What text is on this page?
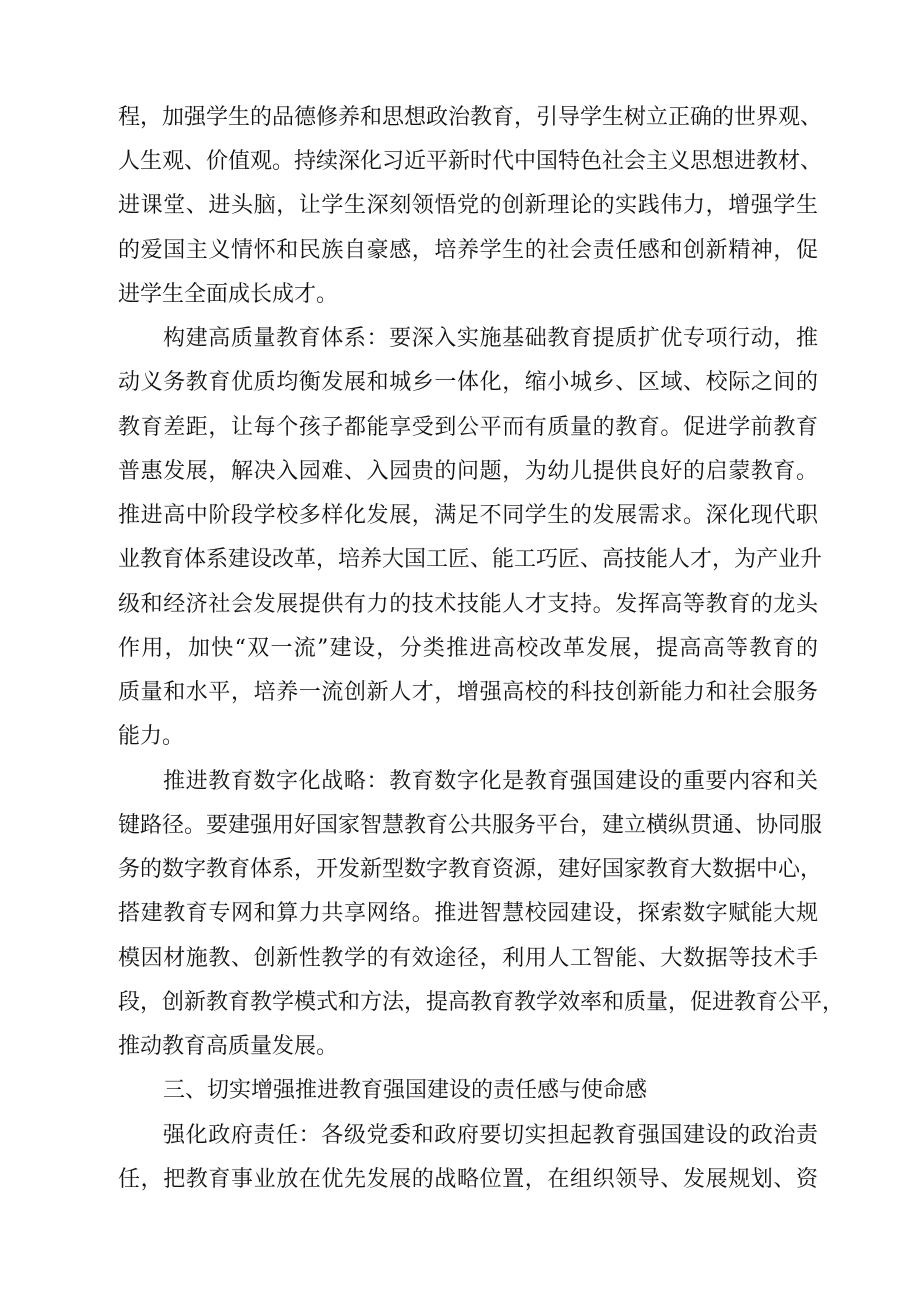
程，加强学生的品德修养和思想政治教育，引导学生树立正确的世界观、
人生观、价值观。持续深化习近平新时代中国特色社会主义思想进教材、
进课堂、进头脑，让学生深刻领悟党的创新理论的实践伟力，增强学生
的爱国主义情怀和民族自豪感，培养学生的社会责任感和创新精神，促
进学生全面成长成才。
构建高质量教育体系：要深入实施基础教育提质扩优专项行动，推
动义务教育优质均衡发展和城乡一体化，缩小城乡、区域、校际之间的
教育差距，让每个孩子都能享受到公平而有质量的教育。促进学前教育
普惠发展，解决入园难、入园贵的问题，为幼儿提供良好的启蒙教育。
推进高中阶段学校多样化发展，满足不同学生的发展需求。深化现代职
业教育体系建设改革，培养大国工匠、能工巧匠、高技能人才，为产业升
级和经济社会发展提供有力的技术技能人才支持。发挥高等教育的龙头
作用，加快“双一流”建设，分类推进高校改革发展，提高高等教育的
质量和水平，培养一流创新人才，增强高校的科技创新能力和社会服务
能力。
推进教育数字化战略：教育数字化是教育强国建设的重要内容和关
键路径。要建强用好国家智慧教育公共服务平台，建立横纵贯通、协同服
务的数字教育体系，开发新型数字教育资源，建好国家教育大数据中心，
搭建教育专网和算力共享网络。推进智慧校园建设，探索数字赋能大规
模因材施教、创新性教学的有效途径，利用人工智能、大数据等技术手
段，创新教育教学模式和方法，提高教育教学效率和质量，促进教育公平，
推动教育高质量发展。
三、切实增强推进教育强国建设的责任感与使命感
强化政府责任：各级党委和政府要切实担起教育强国建设的政治责
任，把教育事业放在优先发展的战略位置，在组织领导、发展规划、资
